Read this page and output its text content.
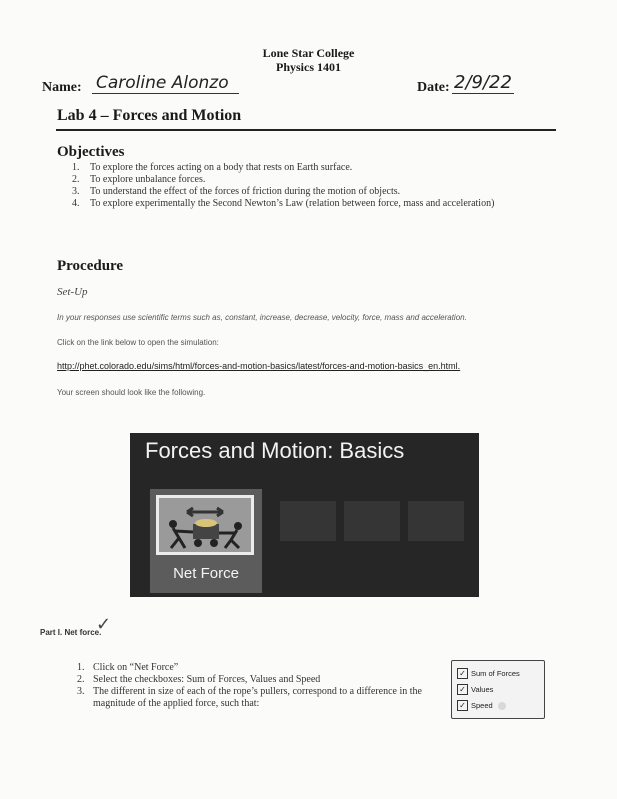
Lone Star College
Physics 1401
Name: Caroline Alonzo	Date: 2/9/22
Lab 4 – Forces and Motion
Objectives
1.	To explore the forces acting on a body that rests on Earth surface.
2.	To explore unbalance forces.
3.	To understand the effect of the forces of friction during the motion of objects.
4.	To explore experimentally the Second Newton’s Law (relation between force, mass and acceleration)
Procedure
Set-Up
In your responses use scientific terms such as, constant, increase, decrease, velocity, force, mass and acceleration.
Click on the link below to open the simulation:
http://phet.colorado.edu/sims/html/forces-and-motion-basics/latest/forces-and-motion-basics_en.html.
Your screen should look like the following.
Forces and Motion: Basics
Net Force
Part I. Net force.
✓
1. Click on “Net Force”
2. Select the checkboxes: Sum of Forces, Values and Speed
3. The different in size of each of the rope’s pullers, correspond to a difference in the magnitude of the applied force, such that:
✓ Sum of Forces
✓ Values
✓ Speed
